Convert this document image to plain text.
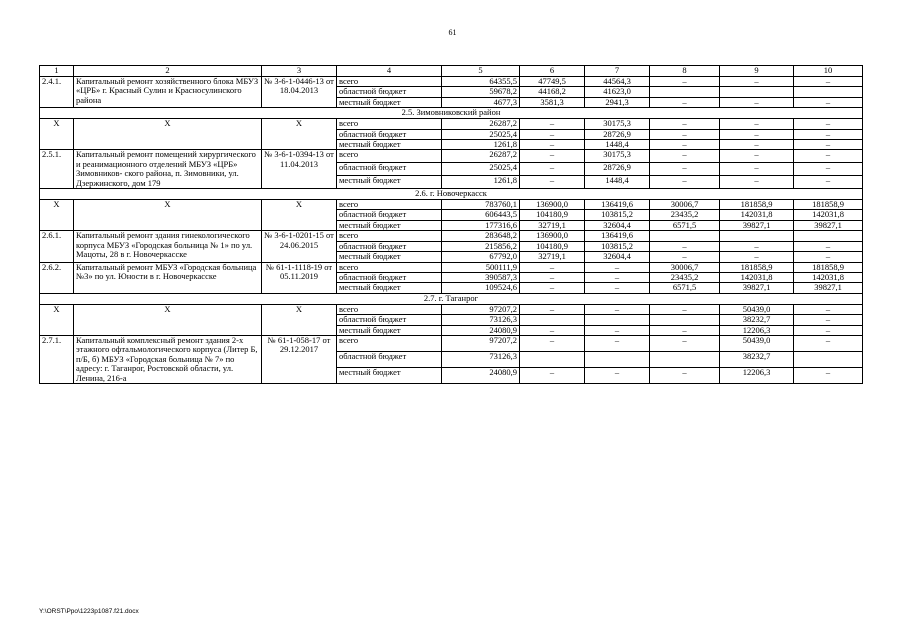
61
1	2	3	4	5	6	7	8	9	10
2.4.1.	Капитальный ремонт хозяйственного блока МБУЗ «ЦРБ» г. Красный Сулин и Красносулинского района	№ 3-6-1-0446-13 от 18.04.2013	всего	64355,5	47749,5	44564,3	–	–	–
			областной бюджет	59678,2	44168,2	41623,0			
			местный бюджет	4677,3	3581,3	2941,3	–	–	–
2.5. Зимовниковский район									
Х	Х	Х	всего	26287,2	–	30175,3	–	–	–
			областной бюджет	25025,4	–	28726,9	–	–	–
			местный бюджет	1261,8	–	1448,4	–	–	–
2.5.1.	Капитальный ремонт помещений хирургического и реанимационного отделений МБУЗ «ЦРБ» Зимовников- ского района, п. Зимовники, ул. Дзержинского, дом 179	№ 3-6-1-0394-13 от 11.04.2013	всего	26287,2	–	30175,3	–	–	–
			областной бюджет	25025,4	–	28726,9	–	–	–
			местный бюджет	1261,8	–	1448,4	–	–	–
2.6. г. Новочеркасск									
Х	Х	Х	всего	783760,1	136900,0	136419,6	30006,7	181858,9	181858,9
			областной бюджет	606443,5	104180,9	103815,2	23435,2	142031,8	142031,8
			местный бюджет	177316,6	32719,1	32604,4	6571,5	39827,1	39827,1
2.6.1.	Капитальный ремонт здания гинекологического корпуса МБУЗ «Городская больница № 1» по ул. Мацоты, 28 в г. Новочеркасске	№ 3-6-1-0201-15 от 24.06.2015	всего	283648,2	136900,0	136419,6			
			областной бюджет	215856,2	104180,9	103815,2	–	–	–
			местный бюджет	67792,0	32719,1	32604,4	–	–	–
2.6.2.	Капитальный ремонт МБУЗ «Городская больница №3» по ул. Юности в г. Новочеркасске	№ 61-1-1118-19 от 05.11.2019	всего	500111,9	–	–	30006,7	181858,9	181858,9
			областной бюджет	390587,3	–	–	23435,2	142031,8	142031,8
			местный бюджет	109524,6	–	–	6571,5	39827,1	39827,1
2.7. г. Таганрог									
Х	Х	Х	всего	97207,2	–	–	–	50439,0	–
			областной бюджет	73126,3				38232,7	–
			местный бюджет	24080,9	–	–	–	12206,3	–
2.7.1.	Капитальный комплексный ремонт здания 2-х этажного офтальмологического корпуса (Литер Б, п/Б, б) МБУЗ «Городская больница № 7» по адресу: г. Таганрог, Ростовской области, ул. Ленина, 216-а	№ 61-1-058-17 от 29.12.2017	всего	97207,2	–	–	–	50439,0	–
			областной бюджет	73126,3				38232,7	
			местный бюджет	24080,9	–	–	–	12206,3	–
Y:\ORST\Ppo\1223p1087.f21.docx
